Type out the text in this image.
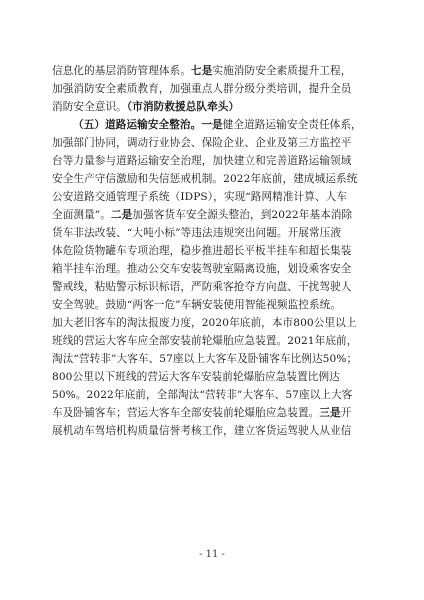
信息化的基层消防管理体系。七是实施消防安全素质提升工程，
加强消防安全素质教育，加强重点人群分级分类培训，提升全员
消防安全意识。（市消防救援总队牵头）
（五）道路运输安全整治。一是健全道路运输安全责任体系，
加强部门协同，调动行业协会、保险企业、企业及第三方监控平
台等力量参与道路运输安全治理，加快建立和完善道路运输领域
安全生产守信激励和失信惩戒机制。2022年底前，建成城运系统
公安道路交通管理子系统（IDPS），实现“路网精准计算、人车
全面测量”。二是加强客货车安全源头整治，到2022年基本消除
货车非法改装、“大吨小标”等违法违规突出问题。开展常压液
体危险货物罐车专项治理，稳步推进超长平板半挂车和超长集装
箱半挂车治理。推动公交车安装驾驶室隔离设施，划设乘客安全
警戒线，粘贴警示标识标语，严防乘客抢夺方向盘、干扰驾驶人
安全驾驶。鼓励“两客一危”车辆安装使用智能视频监控系统。
加大老旧客车的淘汰报废力度，2020年底前，本市800公里以上
班线的营运大客车应全部安装前轮爆胎应急装置。2021年底前，
淘汰“营转非”大客车、57座以上大客车及卧铺客车比例达50%；
800公里以下班线的营运大客车安装前轮爆胎应急装置比例达
50%。2022年底前，全部淘汰“营转非”大客车、57座以上大客
车及卧铺客车；营运大客车全部安装前轮爆胎应急装置。三是开
展机动车驾培机构质量信誉考核工作，建立客货运驾驶人从业信
- 11 -
